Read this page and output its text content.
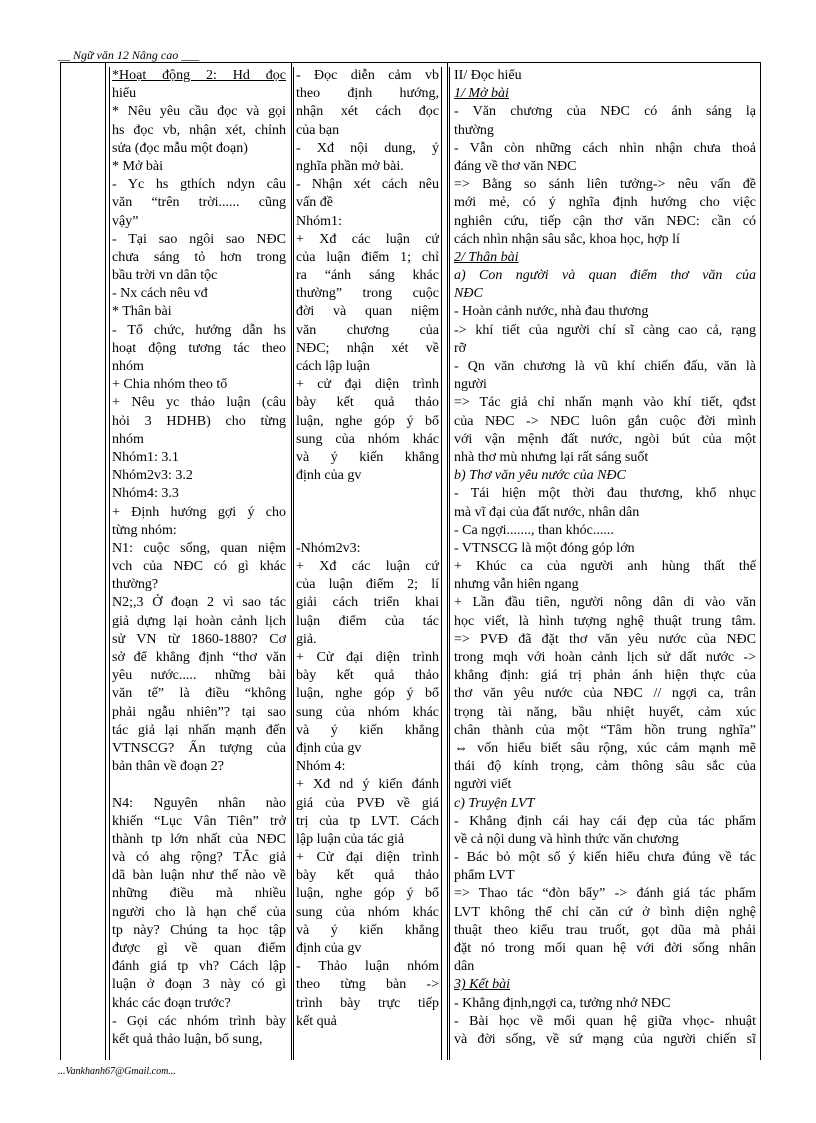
__ Ngữ văn 12 Nâng cao ___
*Hoạt động 2: Hd đọc
hiểu
* Nêu yêu cầu đọc và gọi
hs đọc vb, nhận xét, chỉnh
sửa (đọc mẫu một đoạn)
* Mở bài
- Yc hs gthích ndyn câu
văn “trên trời...... cũng
vậy”
- Tại sao ngôi sao NĐC
chưa sáng tỏ hơn trong
bầu trời vn dân tộc
- Nx cách nêu vđ
* Thân bài
- Tổ chức, hướng dẫn hs
hoạt động tương tác theo
nhóm
+ Chia nhóm theo tổ
+ Nêu yc thảo luận (câu
hỏi 3 HDHB) cho từng
nhóm
Nhóm1: 3.1
Nhóm2v3: 3.2
Nhóm4: 3.3
+ Định hướng gợi ý cho
từng nhóm:
N1: cuộc sống, quan niệm
vch của NĐC có gì khác
thường?
N2;,3 Ở đoạn 2 vì sao tác
giả dựng lại hoàn cảnh lịch
sử VN từ 1860-1880? Cơ
sở để khẳng định “thơ văn
yêu nước..... những bài
văn tế” là điều “không
phải ngẫu nhiên”? tại sao
tác giả lại nhấn mạnh đến
VTNSCG? Ấn tượng của
bản thân về đoạn 2?

N4: Nguyên nhân nào
khiến “Lục Vân Tiên” trở
thành tp lớn nhất của NĐC
và có ahg rộng? TẮc giả
dã bàn luận như thế nào về
những điều mà nhiều
người cho là hạn chế của
tp này? Chúng ta học tập
được gì về quan điểm
đánh giá tp vh? Cách lập
luận ở đoạn 3 này có gì
khác các đoạn trước?
- Gọi các nhóm trình bày
kết quả thảo luận, bổ sung,
- Đọc diễn cảm vb
theo định hướng,
nhận xét cách đọc
của bạn
- Xđ nội dung, ý
nghĩa phần mở bài.
- Nhận xét cách nêu
vấn đề
Nhóm1:
+ Xđ các luận cứ
của luận điểm 1; chỉ
ra “ánh sáng khác
thường” trong cuộc
đời và quan niệm
văn chương của
NĐC; nhận xét về
cách lập luận
+ cử đại diện trình
bày kết quả thảo
luận, nghe góp ý bổ
sung của nhóm khác
và ý kiến khẳng
định của gv

-Nhóm2v3:
+ Xđ các luận cứ
của luận điểm 2; lí
giải cách triển khai
luận điểm của tác
giả.
+ Cử đại diện trình
bày kết quả thảo
luận, nghe góp ý bổ
sung của nhóm khác
và ý kiến khẳng
định của gv
Nhóm 4:
+ Xđ nd ý kiến đánh
giá của PVĐ về giá
trị của tp LVT. Cách
lập luận của tác giả
+ Cử đại diện trình
bày kết quả thảo
luận, nghe góp ý bổ
sung của nhóm khác
và ý kiến khẳng
định của gv
- Thảo luận nhóm
theo từng bàn ->
trình bày trực tiếp
kết quả
II/ Đọc hiểu
1/ Mở bài
- Văn chương của NĐC có ánh sáng lạ
thường
- Vẫn còn những cách nhìn nhận chưa thoả
đáng về thơ văn NĐC
=> Bằng so sánh liên tưởng-> nêu vấn đề
mới mẻ, có ý nghĩa định hướng cho việc
nghiên cứu, tiếp cận thơ văn NĐC: cần có
cách nhìn nhận sâu sắc, khoa học, hợp lí
2/ Thân bài
a) Con người và quan điểm thơ văn của
NĐC
- Hoàn cảnh nước, nhà đau thương
-> khí tiết của người chí sĩ càng cao cả, rạng
rỡ
- Qn văn chương là vũ khí chiến đấu, văn là
người
=> Tác giả chỉ nhấn mạnh vào khí tiết, qđst
của NĐC -> NĐC luôn gắn cuộc đời mình
với vận mệnh đất nước, ngòi bút của một
nhà thơ mù nhưng lại rất sáng suốt
b) Thơ văn yêu nước của NĐC
- Tái hiện một thời đau thương, khổ nhục
mà vĩ đại của đất nước, nhân dân
- Ca ngợi......., than khóc......
- VTNSCG là một đóng góp lớn
+ Khúc ca của người anh hùng thất thế
nhưng vẫn hiên ngang
+ Lần đầu tiên, người nông dân di vào văn
học viết, là hình tượng nghệ thuật trung tâm.
=> PVĐ đã đặt thơ văn yêu nước của NĐC
trong mqh với hoàn cảnh lịch sử dất nước ->
khẳng định: giá trị phản ánh hiện thực của
thơ văn yêu nước của NĐC // ngợi ca, trân
trọng tài năng, bầu nhiệt huyết, cảm xúc
chân thành của một “Tâm hồn trung nghĩa”
⇔ vốn hiểu biết sâu rộng, xúc cảm mạnh mẽ
thái độ kính trọng, cảm thông sâu sắc của
người viết
c) Truyện LVT
- Khẳng định cái hay cái đẹp của tác phẩm
về cả nội dung và hình thức văn chương
- Bác bỏ một số ý kiến hiểu chưa đúng về tác
phẩm LVT
=> Thao tác “đòn bẩy” -> đánh giá tác phẩm
LVT không thể chỉ căn cứ ở bình diện nghệ
thuật theo kiểu trau truốt, gọt dũa mà phải
đặt nó trong mối quan hệ với đời sống nhân
dân
3) Kết bài
- Khẳng định,ngợi ca, tưởng nhớ NĐC
- Bài học về mối quan hệ giữa vhọc- nhuật
và đời sống, về sứ mạng của người chiến sĩ
...Vankhanh67@Gmail.com...
